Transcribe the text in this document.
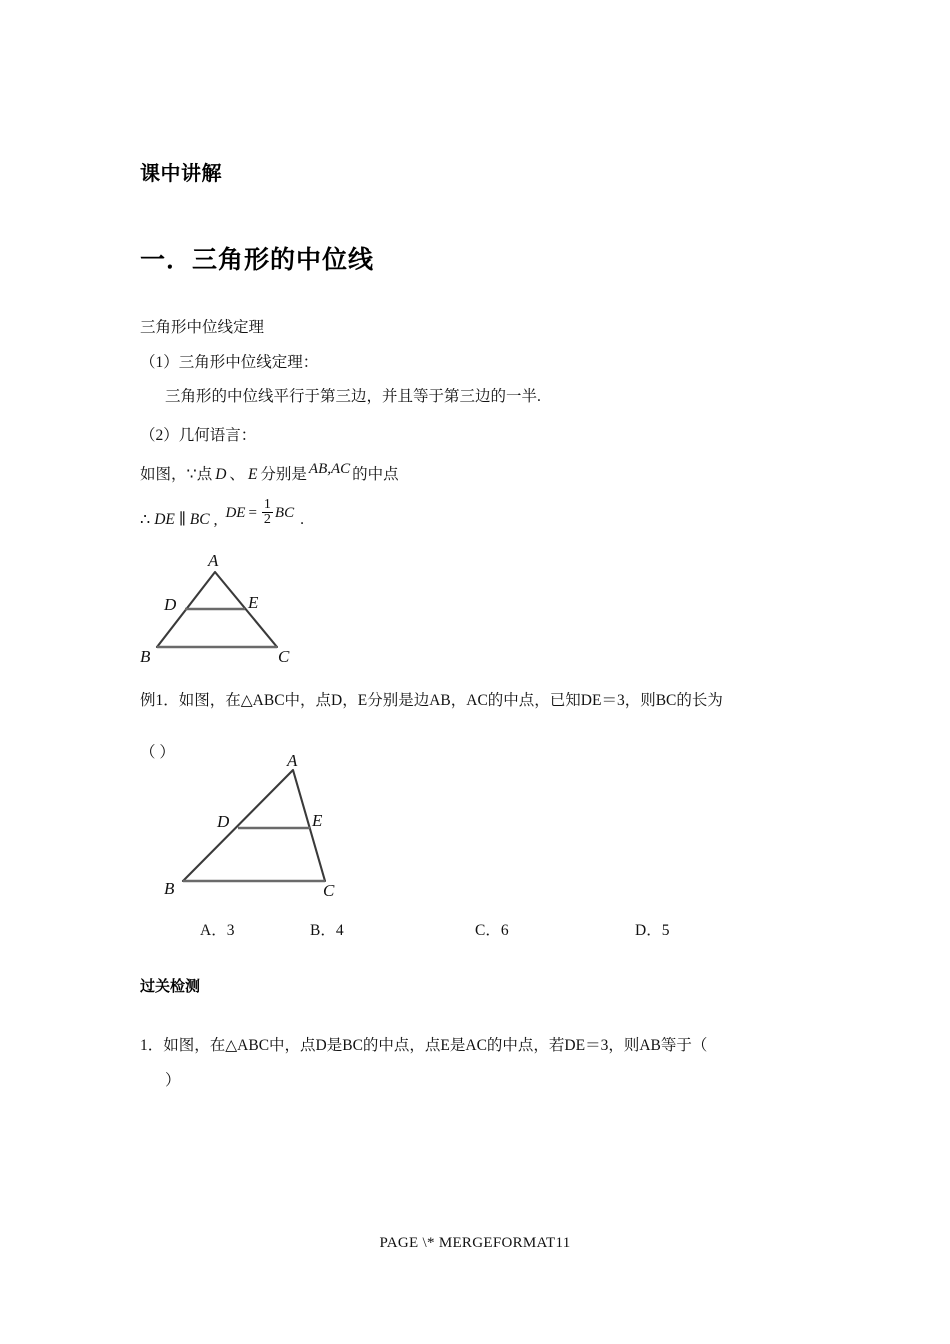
课中讲解
一．三角形的中位线
三角形中位线定理
（1）三角形中位线定理：
三角形的中位线平行于第三边，并且等于第三边的一半.
（2）几何语言：
如图，∵点 D 、 E 分别是 AB,AC 的中点
∴ DE ∥ BC , DE = $\frac{1}{2}$ BC .
A
B	C
D	E
例1．如图，在△ABC中，点D，E分别是边AB，AC的中点，已知DE＝3，则BC的长为
（ ）	A
B	C
D	E
A．3	B．4	C．6	D．5
过关检测
1．如图，在△ABC中，点D是BC的中点，点E是AC的中点，若DE＝3，则AB等于（
）
PAGE \* MERGEFORMAT11
